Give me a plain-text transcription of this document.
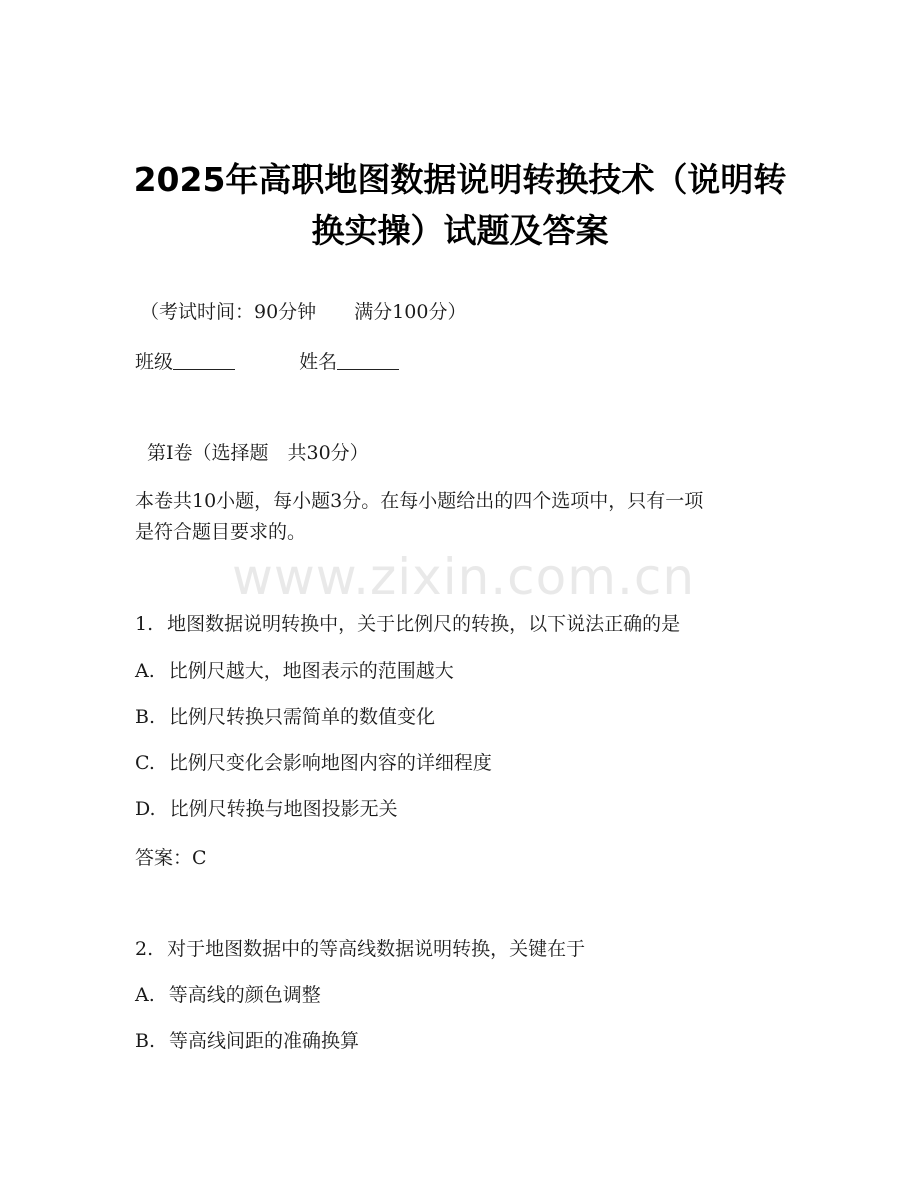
2025年高职地图数据说明转换技术（说明转
换实操）试题及答案
（考试时间：90分钟　　满分100分）
班级	姓名
第Ⅰ卷（选择题　共30分）
本卷共10小题，每小题3分。在每小题给出的四个选项中，只有一项
是符合题目要求的。
www.zixin.com.cn
1. 地图数据说明转换中，关于比例尺的转换，以下说法正确的是
A. 比例尺越大，地图表示的范围越大
B. 比例尺转换只需简单的数值变化
C. 比例尺变化会影响地图内容的详细程度
D. 比例尺转换与地图投影无关
答案：C
2. 对于地图数据中的等高线数据说明转换，关键在于
A. 等高线的颜色调整
B. 等高线间距的准确换算
